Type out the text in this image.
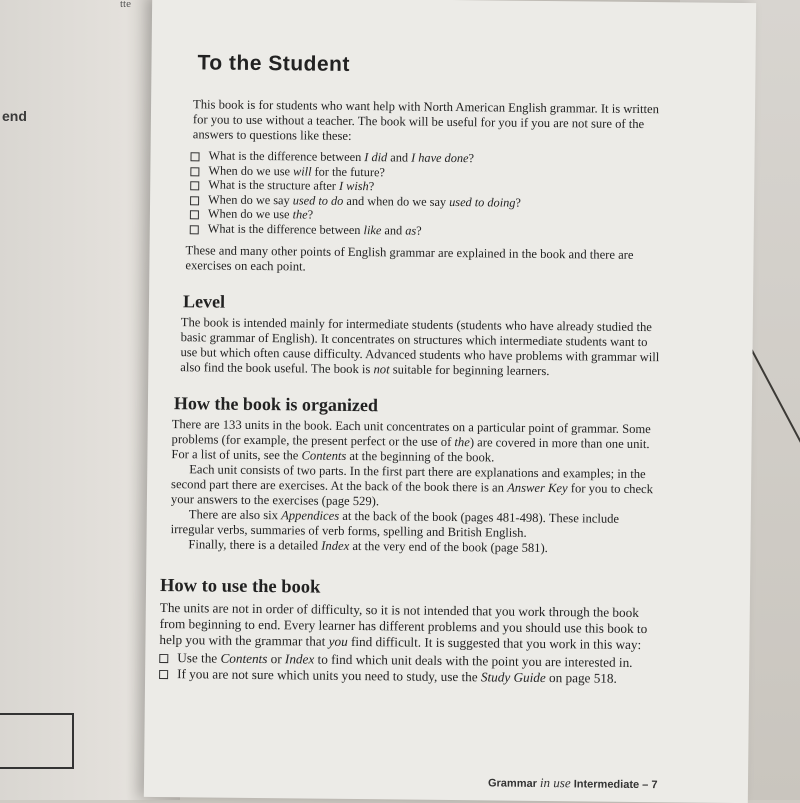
tte
end
To the Student

This book is for students who want help with North American English grammar. It is written for you to use without a teacher. The book will be useful for you if you are not sure of the answers to questions like these:

What is the difference between I did and I have done?
When do we use will for the future?
What is the structure after I wish?
When do we say used to do and when do we say used to doing?
When do we use the?
What is the difference between like and as?

These and many other points of English grammar are explained in the book and there are exercises on each point.

Level

The book is intended mainly for intermediate students (students who have already studied the basic grammar of English). It concentrates on structures which intermediate students want to use but which often cause difficulty. Advanced students who have problems with grammar will also find the book useful. The book is not suitable for beginning learners.

How the book is organized

There are 133 units in the book. Each unit concentrates on a particular point of grammar. Some problems (for example, the present perfect or the use of the) are covered in more than one unit. For a list of units, see the Contents at the beginning of the book.

Each unit consists of two parts. In the first part there are explanations and examples; in the second part there are exercises. At the back of the book there is an Answer Key for you to check your answers to the exercises (page 529).

There are also six Appendices at the back of the book (pages 481-498). These include irregular verbs, summaries of verb forms, spelling and British English.

Finally, there is a detailed Index at the very end of the book (page 581).

How to use the book

The units are not in order of difficulty, so it is not intended that you work through the book from beginning to end. Every learner has different problems and you should use this book to help you with the grammar that you find difficult. It is suggested that you work in this way:

Use the Contents or Index to find which unit deals with the point you are interested in.
If you are not sure which units you need to study, use the Study Guide on page 518.
Grammar in use Intermediate – 7
